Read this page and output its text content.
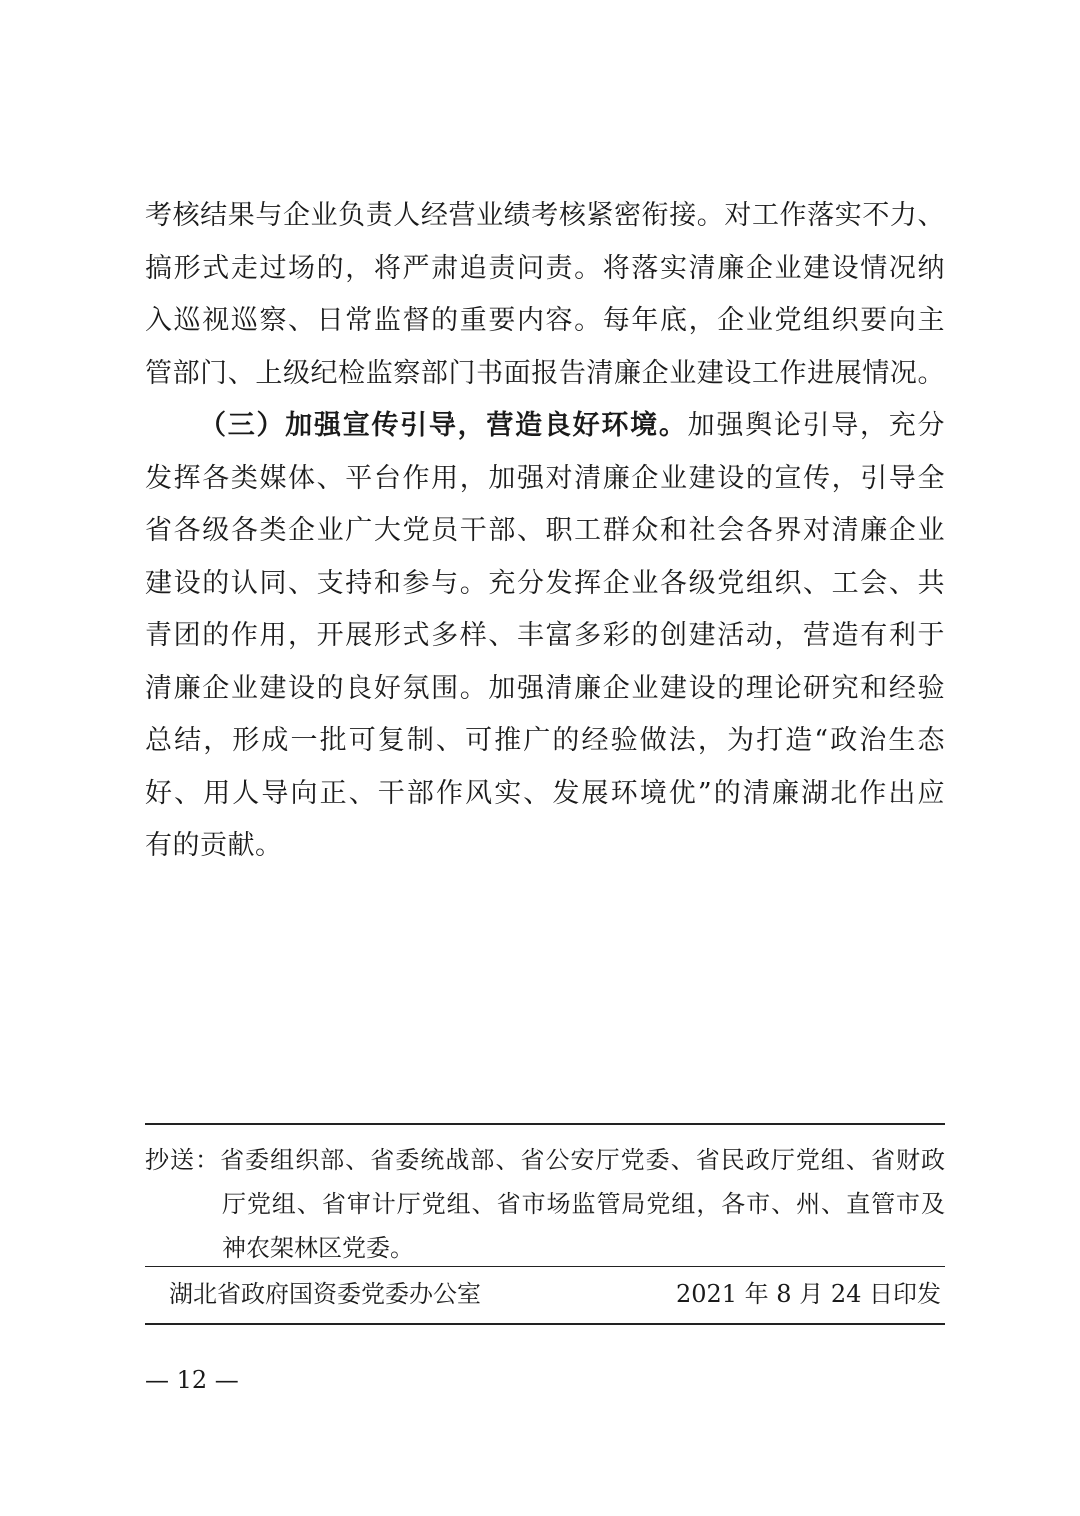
考核结果与企业负责人经营业绩考核紧密衔接。对工作落实不力、
搞形式走过场的，将严肃追责问责。将落实清廉企业建设情况纳
入巡视巡察、日常监督的重要内容。每年底，企业党组织要向主
管部门、上级纪检监察部门书面报告清廉企业建设工作进展情况。
（三）加强宣传引导，营造良好环境。加强舆论引导，充分
发挥各类媒体、平台作用，加强对清廉企业建设的宣传，引导全
省各级各类企业广大党员干部、职工群众和社会各界对清廉企业
建设的认同、支持和参与。充分发挥企业各级党组织、工会、共
青团的作用，开展形式多样、丰富多彩的创建活动，营造有利于
清廉企业建设的良好氛围。加强清廉企业建设的理论研究和经验
总结，形成一批可复制、可推广的经验做法，为打造“政治生态
好、用人导向正、干部作风实、发展环境优”的清廉湖北作出应
有的贡献。
抄送：省委组织部、省委统战部、省公安厅党委、省民政厅党组、省财政
厅党组、省审计厅党组、省市场监管局党组，各市、州、直管市及
神农架林区党委。
湖北省政府国资委党委办公室	2021 年 8 月 24 日印发
— 12 —
